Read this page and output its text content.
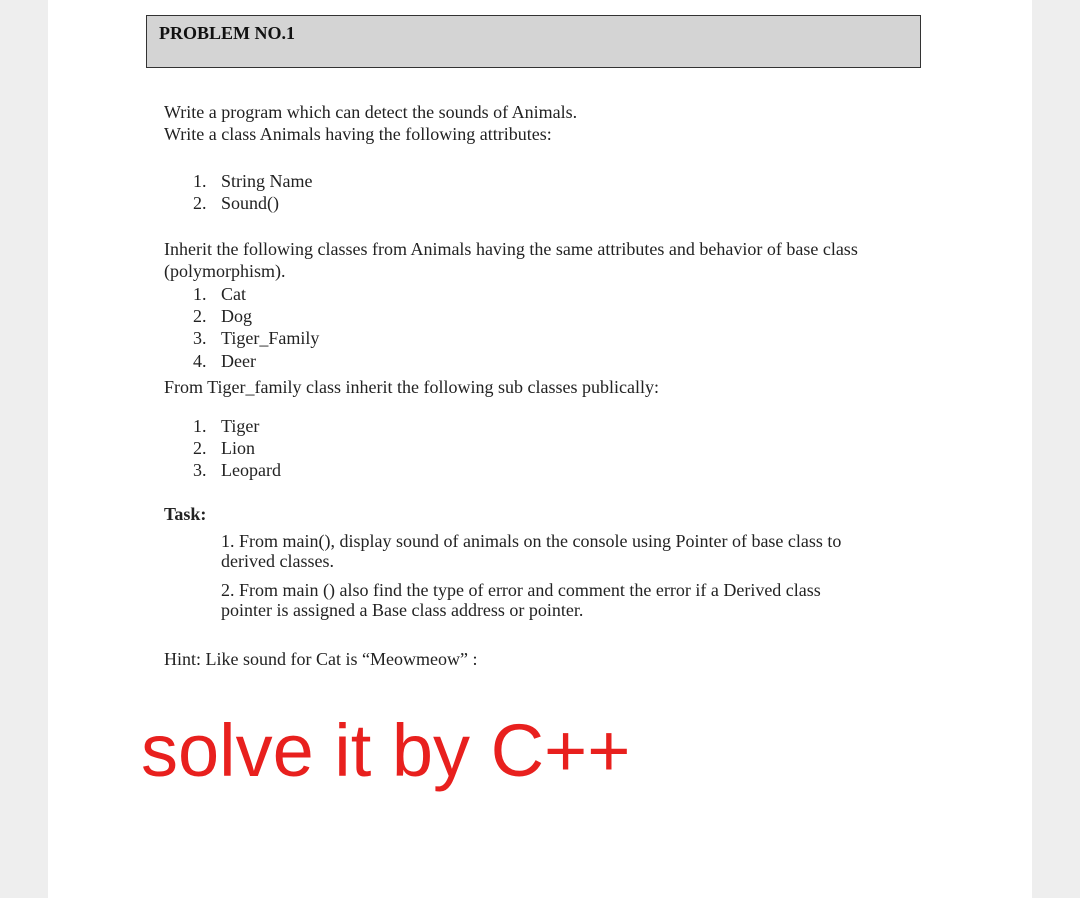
PROBLEM NO.1
Write a program which can detect the sounds of Animals.
Write a class Animals having the following attributes:
1. String Name
2. Sound()
Inherit the following classes from Animals having the same attributes and behavior of base class
(polymorphism).
1. Cat
2. Dog
3. Tiger_Family
4. Deer
From Tiger_family class inherit the following sub classes publically:
1. Tiger
2. Lion
3. Leopard
Task:
1. From main(), display sound of animals on the console using Pointer of base class to
derived classes.
2. From main () also find the type of error and comment the error if a Derived class
pointer is assigned a Base class address or pointer.
Hint: Like sound for Cat is “Meowmeow” :
solve it by C++
